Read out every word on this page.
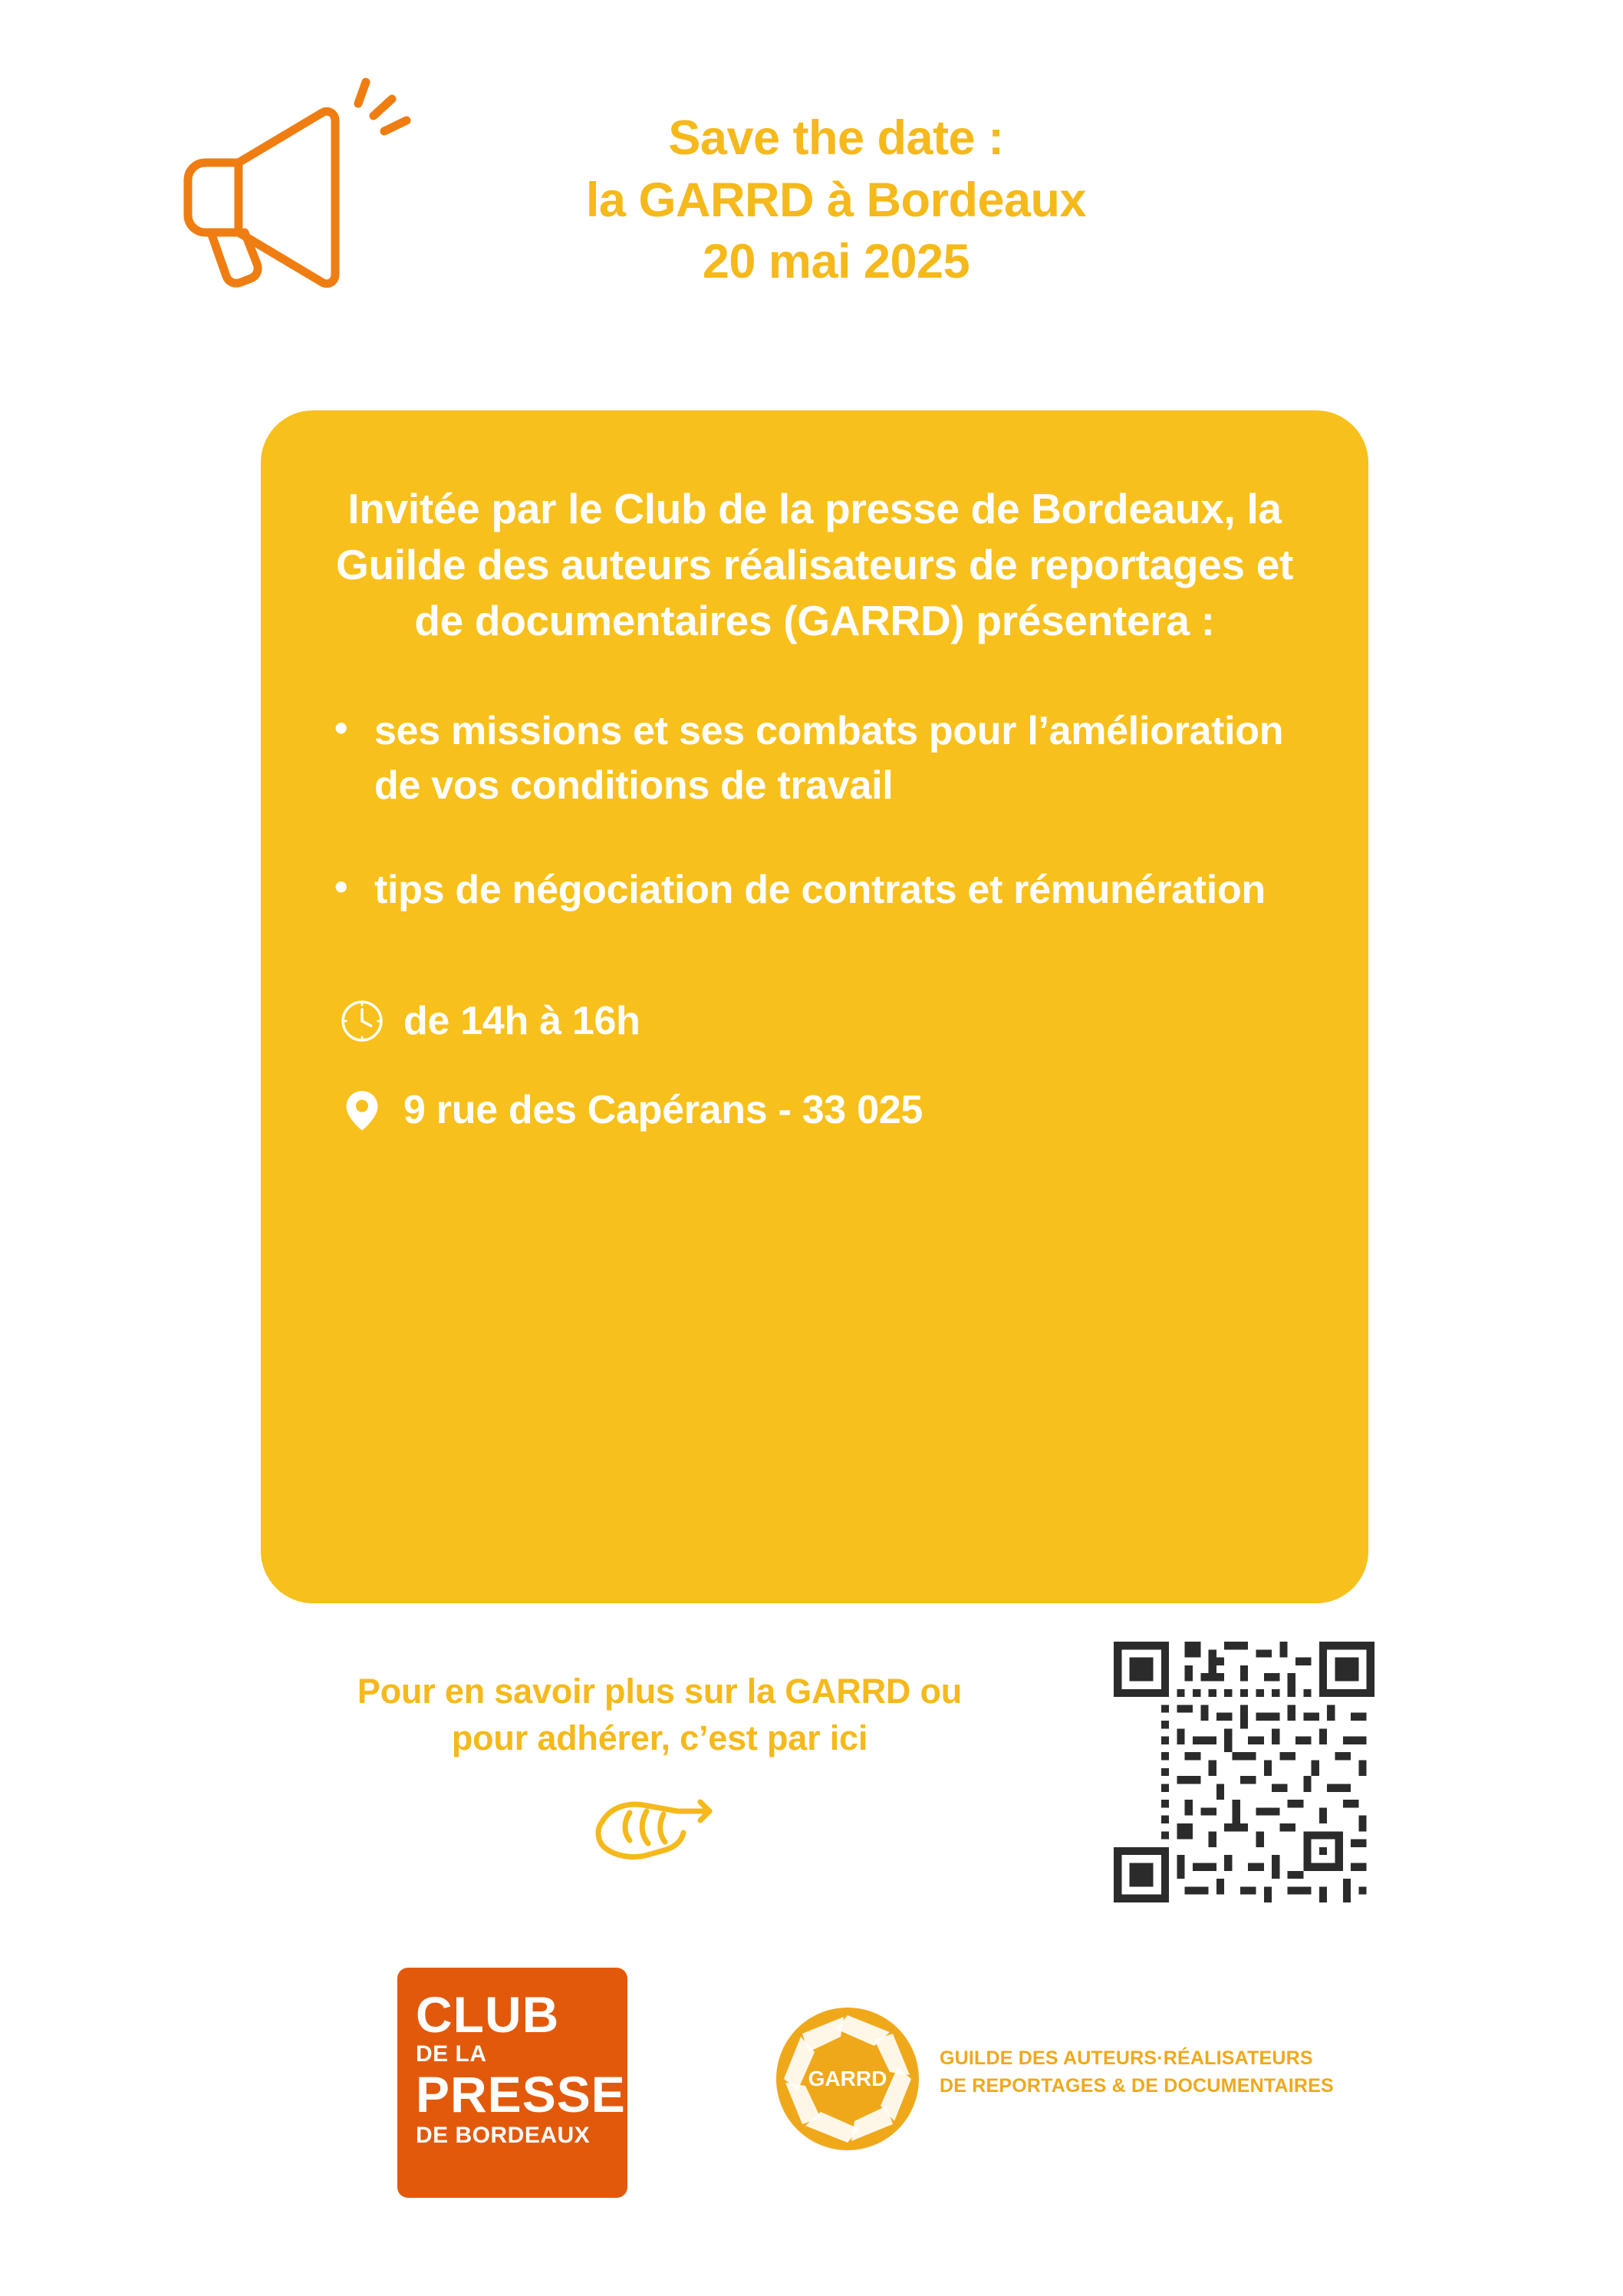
Save the date :
la GARRD à Bordeaux
20 mai 2025

Invitée par le Club de la presse de Bordeaux, la Guilde des auteurs réalisateurs de reportages et de documentaires (GARRD) présentera :

• ses missions et ses combats pour l’amélioration de vos conditions de travail
• tips de négociation de contrats et rémunération
de 14h à 16h
9 rue des Capérans - 33 025
Pour en savoir plus sur la GARRD ou
pour adhérer, c’est par ici
CLUB
DE LA
PRESSE
DE BORDEAUX
GARRD
GUILDE DES AUTEURS·RÉALISATEURS
DE REPORTAGES & DE DOCUMENTAIRES
